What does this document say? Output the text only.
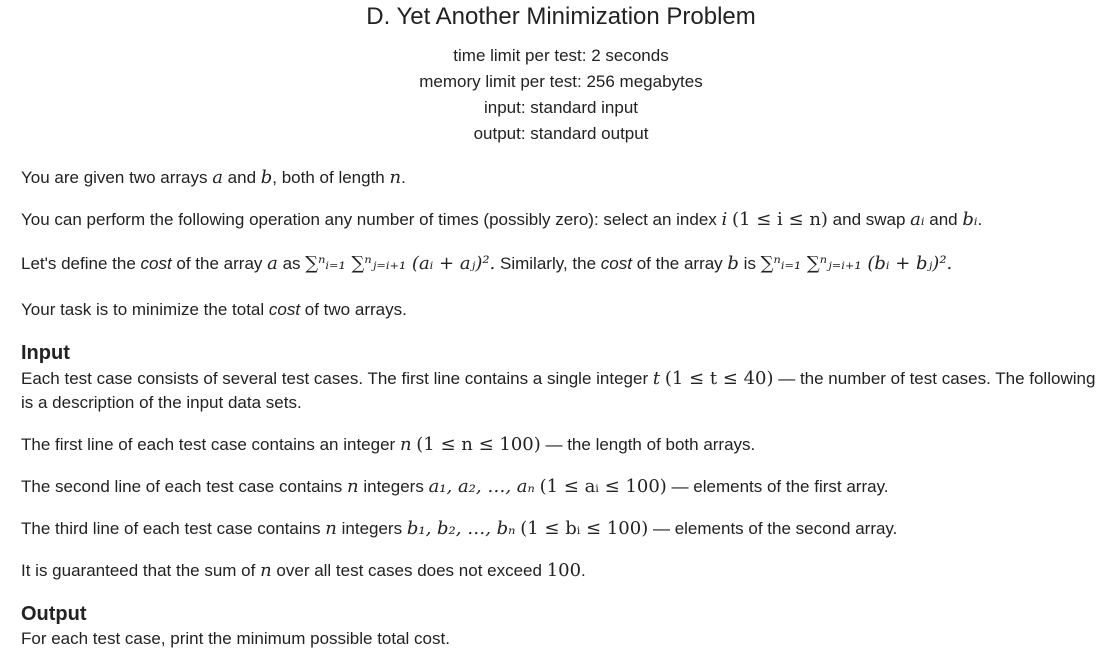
D. Yet Another Minimization Problem
time limit per test: 2 seconds
memory limit per test: 256 megabytes
input: standard input
output: standard output
You are given two arrays a and b, both of length n.
You can perform the following operation any number of times (possibly zero): select an index i (1 ≤ i ≤ n) and swap aᵢ and bᵢ.
Let's define the cost of the array a as ∑ⁿᵢ₌₁ ∑ⁿⱼ₌ᵢ₊₁ (aᵢ + aⱼ)². Similarly, the cost of the array b is ∑ⁿᵢ₌₁ ∑ⁿⱼ₌ᵢ₊₁ (bᵢ + bⱼ)².
Your task is to minimize the total cost of two arrays.
Input
Each test case consists of several test cases. The first line contains a single integer t (1 ≤ t ≤ 40) — the number of test cases. The following is a description of the input data sets.
The first line of each test case contains an integer n (1 ≤ n ≤ 100) — the length of both arrays.
The second line of each test case contains n integers a₁, a₂, …, aₙ (1 ≤ aᵢ ≤ 100) — elements of the first array.
The third line of each test case contains n integers b₁, b₂, …, bₙ (1 ≤ bᵢ ≤ 100) — elements of the second array.
It is guaranteed that the sum of n over all test cases does not exceed 100.
Output
For each test case, print the minimum possible total cost.
